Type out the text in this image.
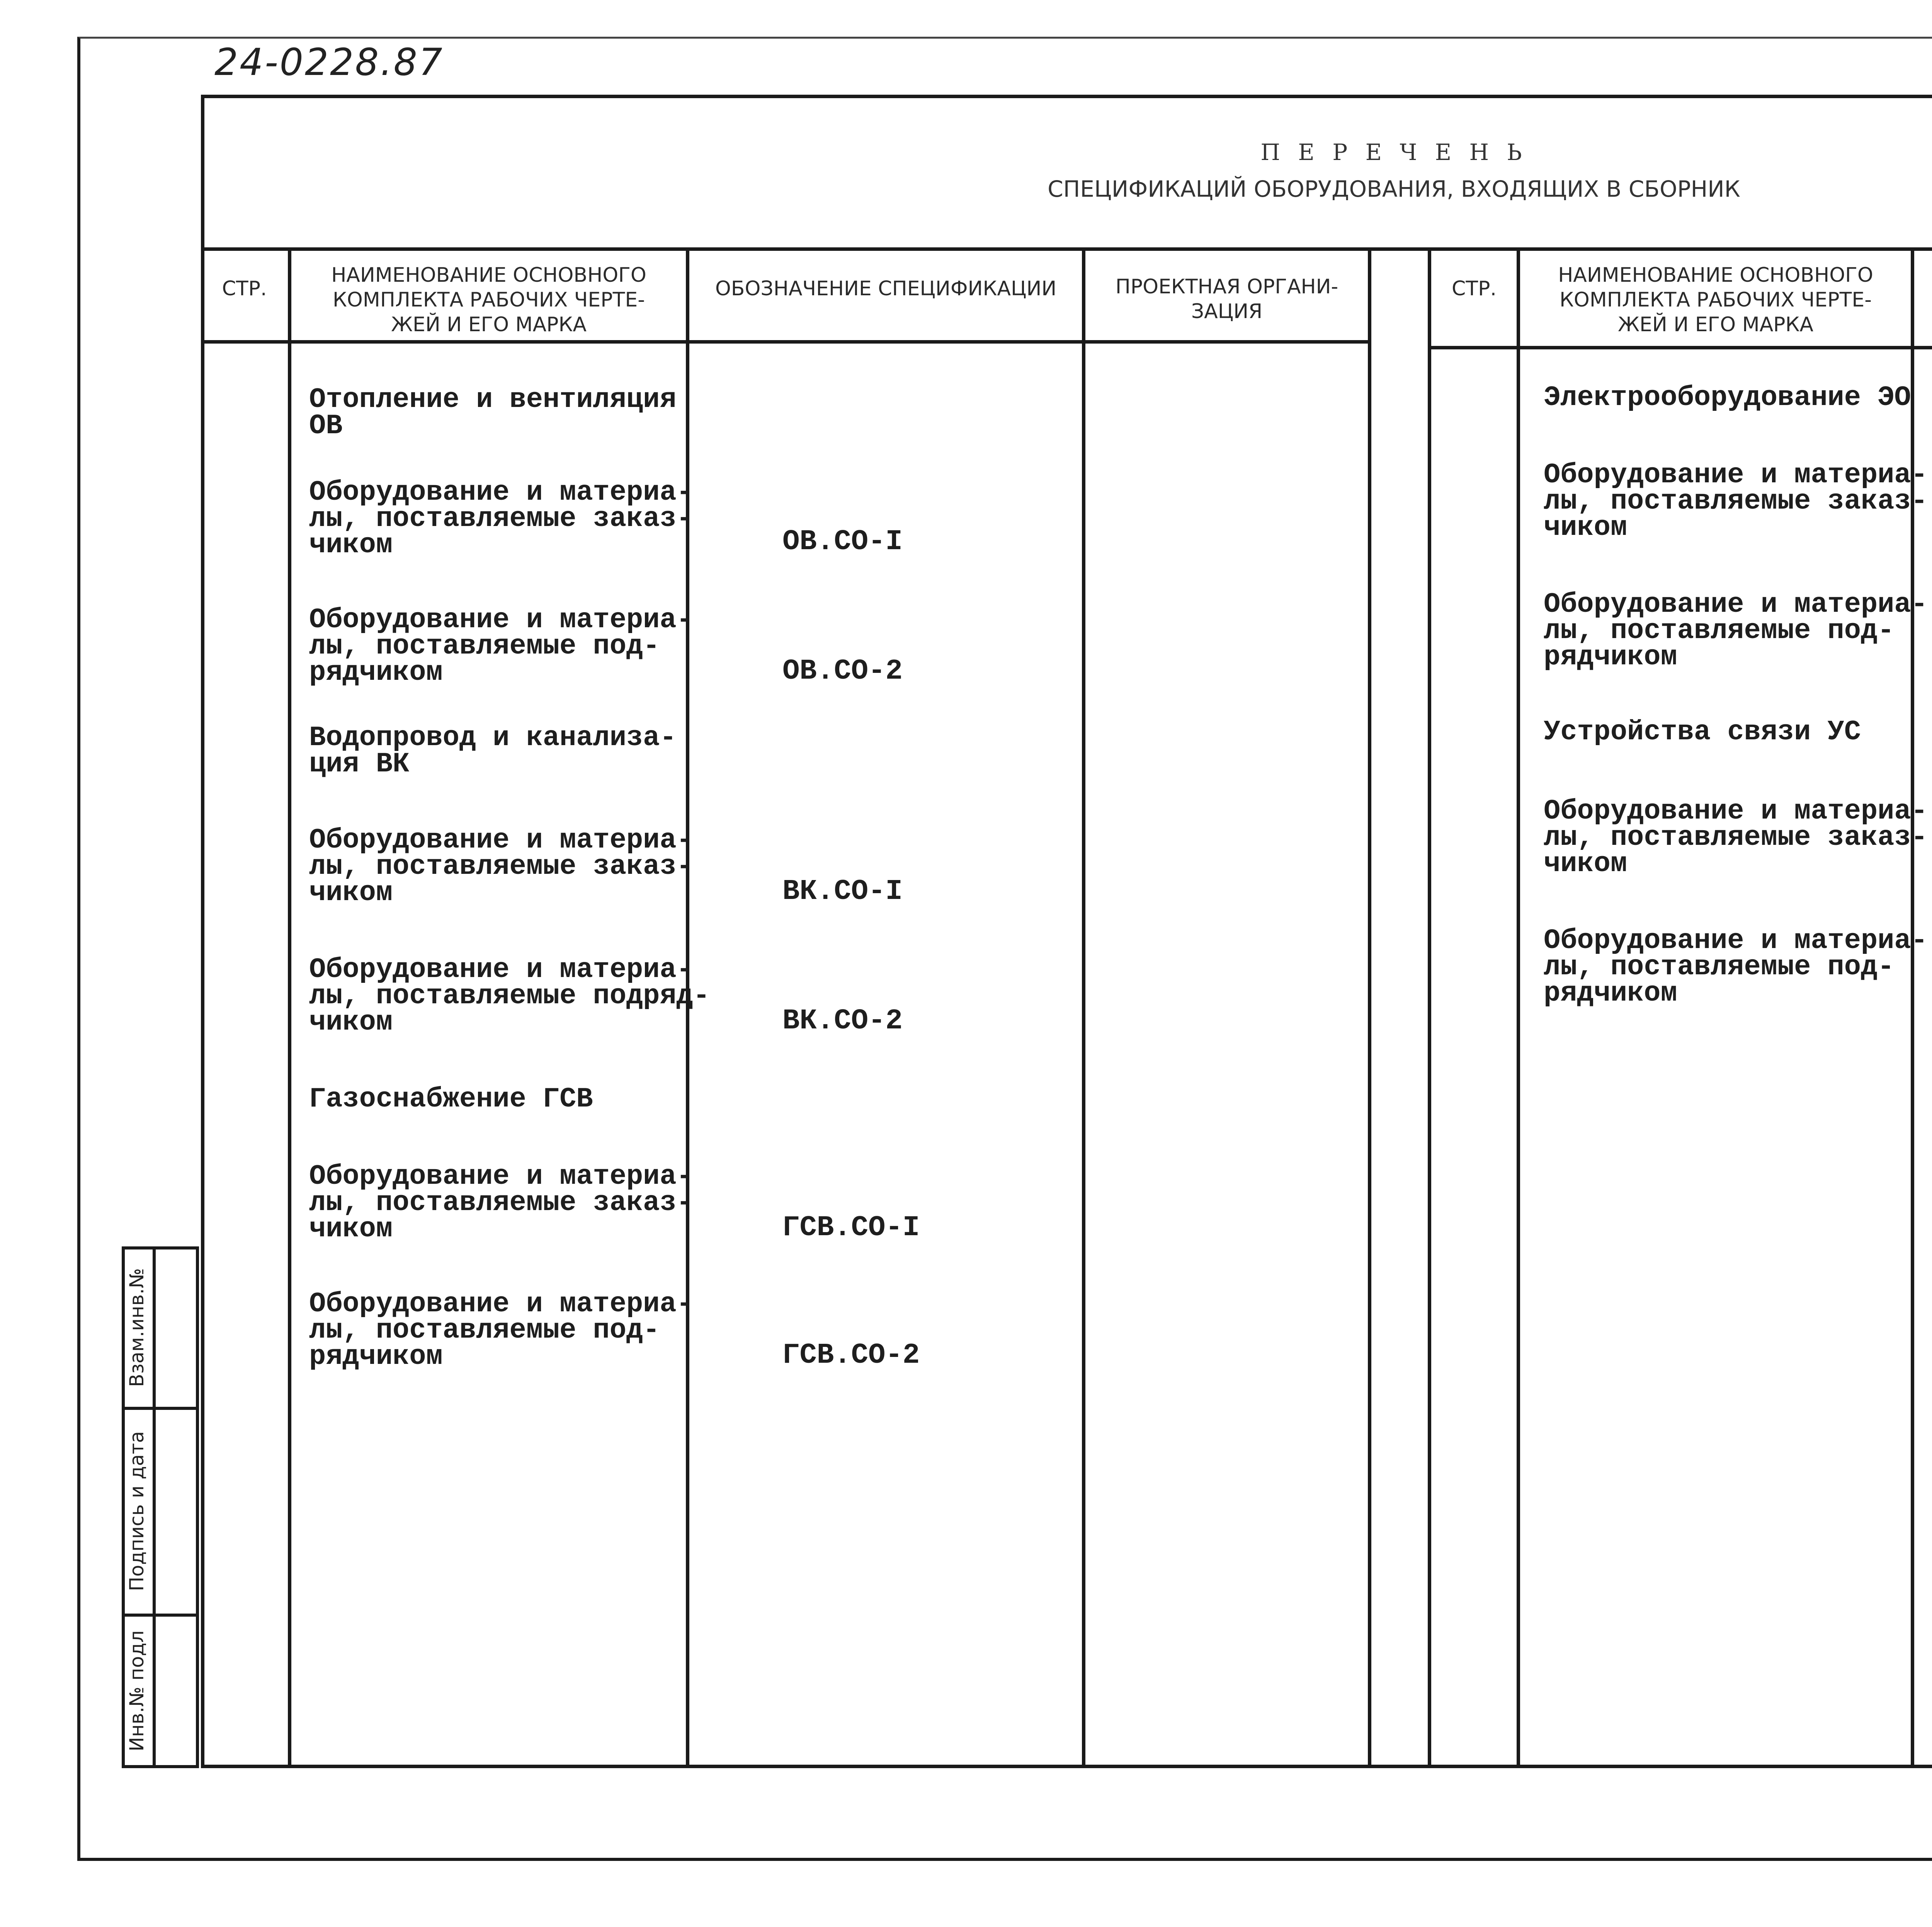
24-0228.87
П Е Р Е Ч Е Н Ь
СПЕЦИФИКАЦИЙ ОБОРУДОВАНИЯ, ВХОДЯЩИХ В СБОРНИК
СТР.
НАИМЕНОВАНИЕ ОСНОВНОГО
КОМПЛЕКТА РАБОЧИХ ЧЕРТЕ-
ЖЕЙ И ЕГО МАРКА
ОБОЗНАЧЕНИЕ СПЕЦИФИКАЦИИ	ПРОЕКТНАЯ ОРГАНИ-
ЗАЦИЯ
СТР.
НАИМЕНОВАНИЕ ОСНОВНОГО
КОМПЛЕКТА РАБОЧИХ ЧЕРТЕ-
ЖЕЙ И ЕГО МАРКА
Отопление и вентиляция
ОВ
Оборудование и материа-
лы, поставляемые заказ-
чиком	ОВ.СО-I
Оборудование и материа-
лы, поставляемые под-
рядчиком	ОВ.СО-2
Водопровод и канализа-
ция ВК
Оборудование и материа-
лы, поставляемые заказ-
чиком	ВК.СО-I
Оборудование и материа-
лы, поставляемые подряд-
чиком	ВК.СО-2
Газоснабжение ГСВ
Оборудование и материа-
лы, поставляемые заказ-
чиком	ГСВ.СО-I
Оборудование и материа-
лы, поставляемые под-
рядчиком	ГСВ.СО-2
Электрооборудование ЭО
Оборудование и материа-
лы, поставляемые заказ-
чиком
Оборудование и материа-
лы, поставляемые под-
рядчиком
Устройства связи УС
Оборудование и материа-
лы, поставляемые заказ-
чиком
Оборудование и материа-
лы, поставляемые под-
рядчиком
Взам.инв.№
Подпись и дата
Инв.№ подл
